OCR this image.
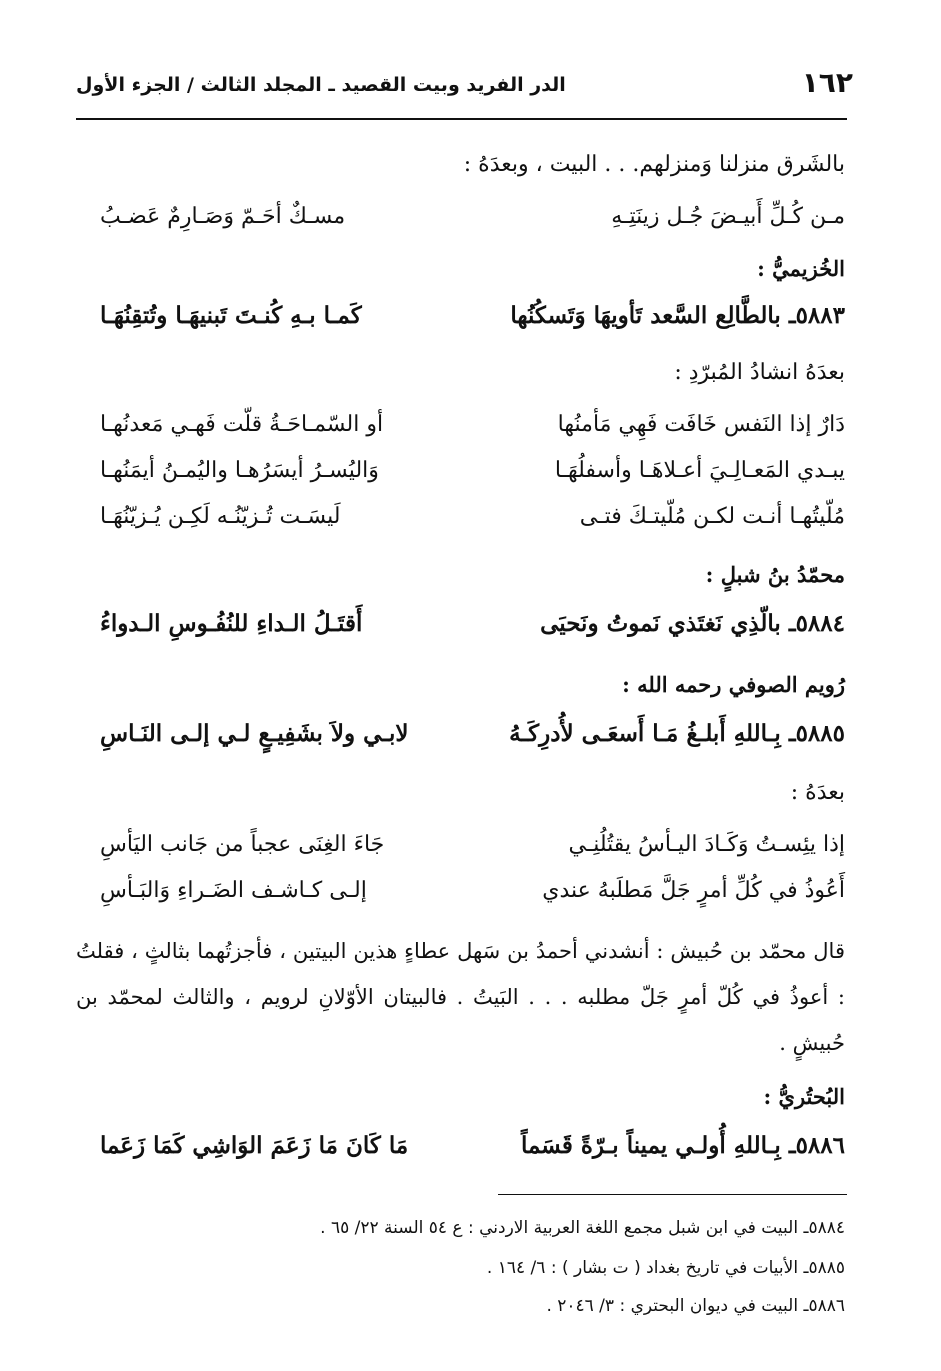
١٦٢
الدر الفريد وبيت القصيد ـ المجلد الثالث / الجزء الأول
بالشَرق منزلنا وَمنزلهم. . . البيت ، وبعدَهُ :
مـن كُـلِّ أَبيـضَ جُـل زينَتِـهِ
مسـكٌ أحَـمّ وَصَـارِمٌ عَضـبُ
الخُزيميُّ :
٥٨٨٣ـ بالطَّالِع السَّعد تَأويهَا وَتَسكُنُها
كَمـا بـهِ كُنـتَ تَبنيهَـا وتُتقِنُهَـا
بعدَهُ انشادُ المُبرّدِ :
دَارٌ إذا النَفس خَافَت فَهِي مَأمنُها
أو السّمـاحَـةُ قلّت فَهـي مَعدنُهـا
يبـدي المَعـالِـيَ أعـلاهَـا وأسفلُهَـا
وَاليُسـرُ أيسَرُهـا واليُمـنُ أيمَنُهـا
مُلّيتُهـا أنـت لكـن مُلّيتـكَ فتـى
لَيسَـت تُـزيّنُـه لَكِـن يُـزيّنُهَـا
محمّدُ بنُ شبلٍ :
٥٨٨٤ـ بالّذِي نَغتَذي نَموتُ ونَحيَى
أَقتَـلُ الـداءِ للنُفُـوسِ الـدواءُ
رُويم الصوفي رحمه الله :
٥٨٨٥ـ بِـاللهِ أَبلـغُ مَـا أَسعَـى لأُدرِكَـهُ
لابـي ولاَ بشَفِيـعٍ لـي إلـى النَـاسِ
بعدَهُ :
إذا يئِسـتُ وَكَـادَ اليـأسُ يقتُلُنِـي
جَاءَ الغِنَى عجباً من جَانب اليَأسِ
أَعُوذُ في كُلِّ أمرٍ جَلَّ مَطلَبهُ عندي
إلـى كـاشـف الضَـراءِ وَالبَـأسِ
قال محمّد بن حُبيش : أنشدني أحمدُ بن سَهل عطاءٍ هذين البيتين ، فأجزتُهما بثالثٍ ، فقلتُ : أعوذُ في كُلّ أمرٍ جَلّ مطلبه . . . البَيتُ . فالبيتان الأوّلانِ لرويم ، والثالث لمحمّد بن حُبيشٍ .
البُحتُريُّ :
٥٨٨٦ـ بِـاللهِ أُولـي يميناً بـرّةً قَسَماً
مَا كَانَ مَا زَعَمَ الوَاشِي كَمَا زَعَما
٥٨٨٤ـ البيت في ابن شبل مجمع اللغة العربية الاردني : ع ٥٤ السنة ٢٢/ ٦٥ .
٥٨٨٥ـ الأبيات في تاريخ بغداد ( ت بشار ) : ٦/ ١٦٤ .
٥٨٨٦ـ البيت في ديوان البحتري : ٣/ ٢٠٤٦ .
